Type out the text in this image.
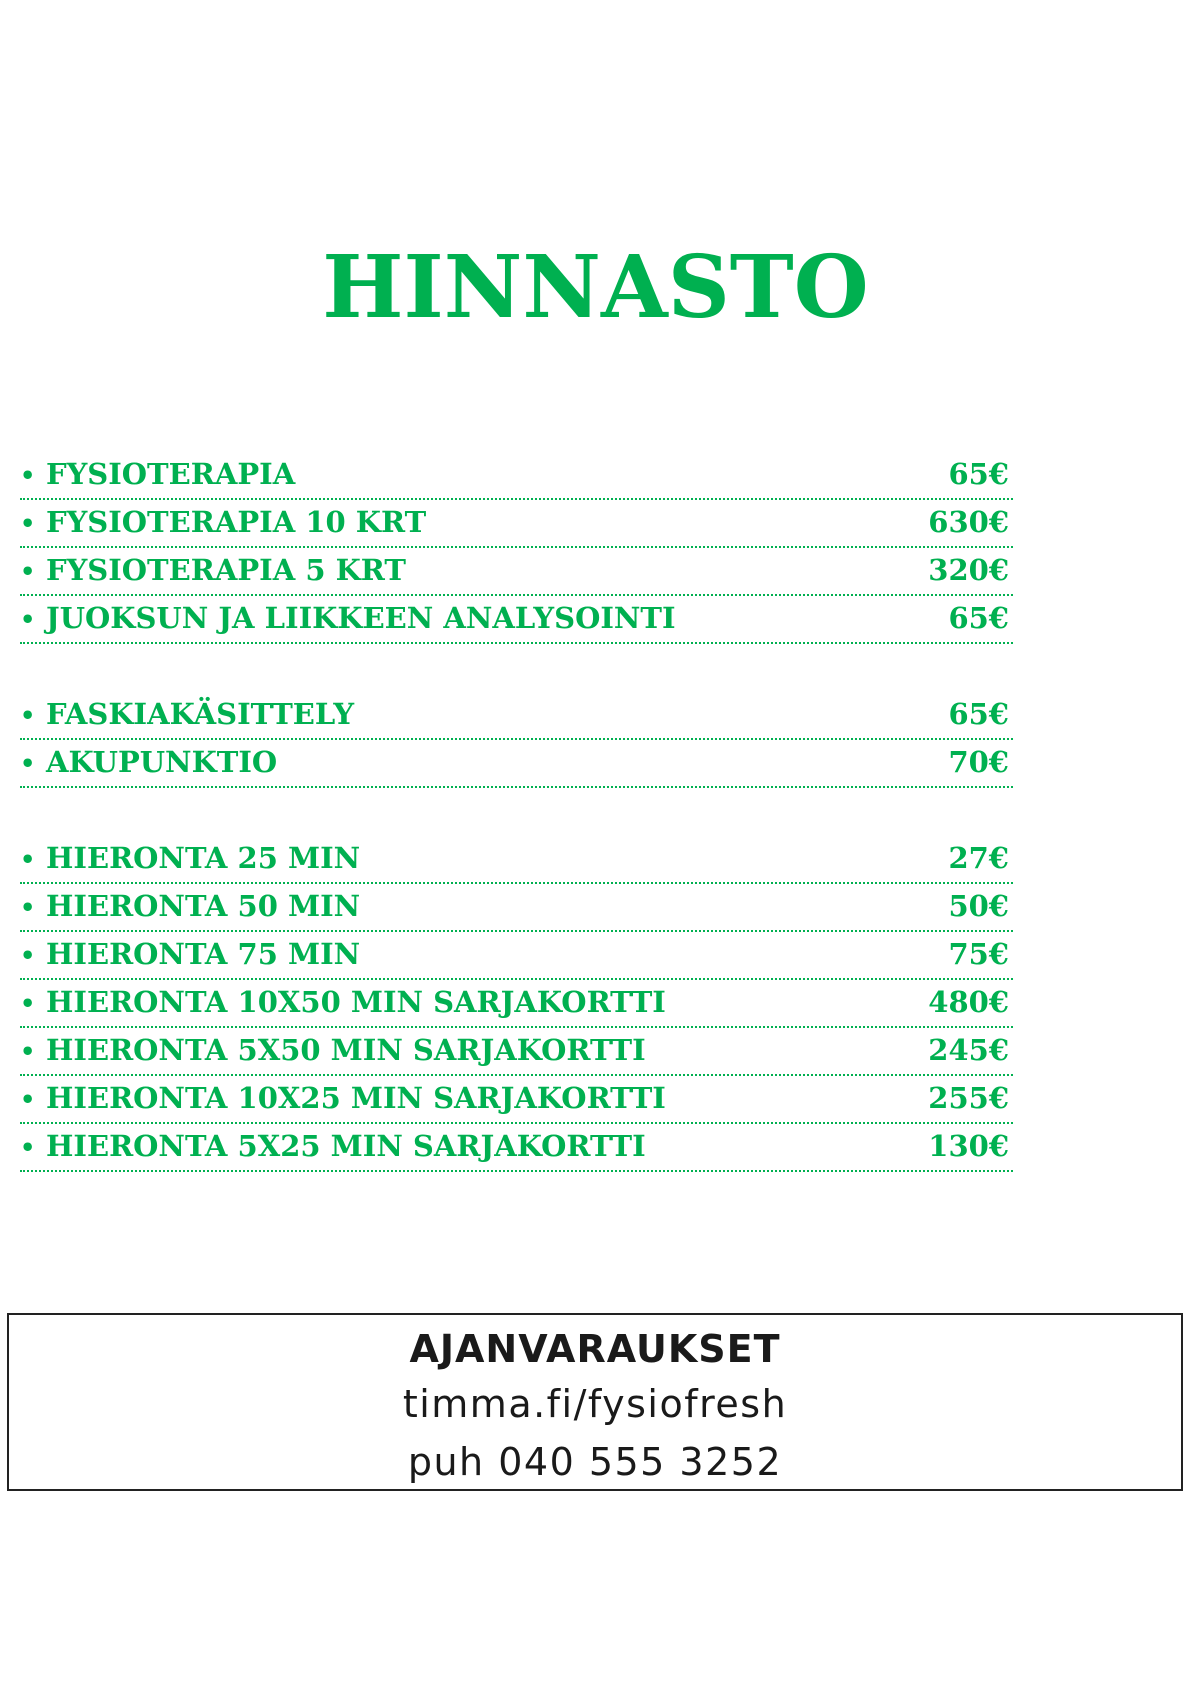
HINNASTO
• FYSIOTERAPIA	65€
• FYSIOTERAPIA 10 KRT	630€
• FYSIOTERAPIA 5 KRT	320€
• JUOKSUN JA LIIKKEEN ANALYSOINTI	65€
• FASKIAKÄSITTELY	65€
• AKUPUNKTIO	70€
• HIERONTA 25 MIN	27€
• HIERONTA 50 MIN	50€
• HIERONTA 75 MIN	75€
• HIERONTA 10X50 MIN SARJAKORTTI	480€
• HIERONTA 5X50 MIN SARJAKORTTI	245€
• HIERONTA 10X25 MIN SARJAKORTTI	255€
• HIERONTA 5X25 MIN SARJAKORTTI	130€
AJANVARAUKSET
timma.fi/fysiofresh
puh 040 555 3252
